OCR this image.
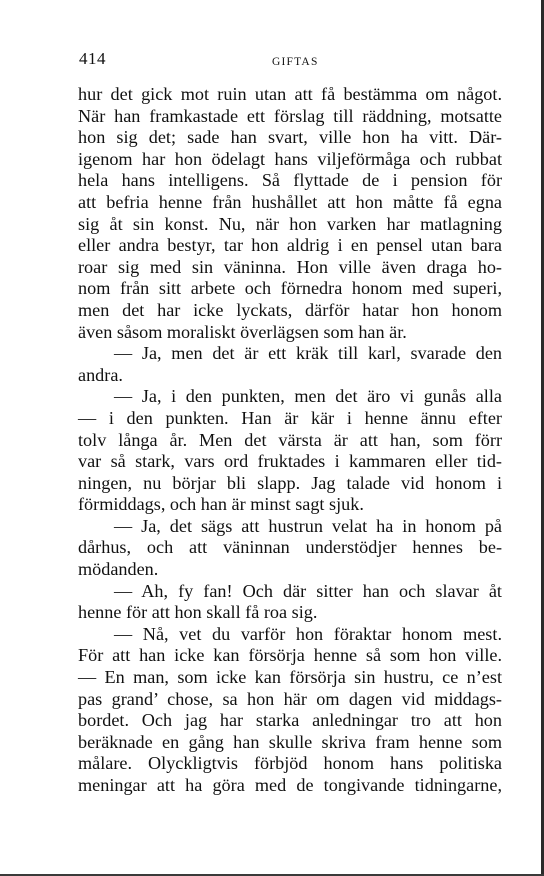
414	GIFTAS
hur det gick mot ruin utan att få bestämma om något.
När han framkastade ett förslag till räddning, motsatte
hon sig det; sade han svart, ville hon ha vitt. Där-
igenom har hon ödelagt hans viljeförmåga och rubbat
hela hans intelligens. Så flyttade de i pension för
att befria henne från hushållet att hon måtte få egna
sig åt sin konst. Nu, när hon varken har matlagning
eller andra bestyr, tar hon aldrig i en pensel utan bara
roar sig med sin väninna. Hon ville även draga ho-
nom från sitt arbete och förnedra honom med superi,
men det har icke lyckats, därför hatar hon honom
även såsom moraliskt överlägsen som han är.
— Ja, men det är ett kräk till karl, svarade den
andra.
— Ja, i den punkten, men det äro vi gunås alla
— i den punkten. Han är kär i henne ännu efter
tolv långa år. Men det värsta är att han, som förr
var så stark, vars ord fruktades i kammaren eller tid-
ningen, nu börjar bli slapp. Jag talade vid honom i
förmiddags, och han är minst sagt sjuk.
— Ja, det sägs att hustrun velat ha in honom på
dårhus, och att väninnan understödjer hennes be-
mödanden.
— Ah, fy fan! Och där sitter han och slavar åt
henne för att hon skall få roa sig.
— Nå, vet du varför hon föraktar honom mest.
För att han icke kan försörja henne så som hon ville.
— En man, som icke kan försörja sin hustru, ce n’est
pas grand’ chose, sa hon här om dagen vid middags-
bordet. Och jag har starka anledningar tro att hon
beräknade en gång han skulle skriva fram henne som
målare. Olyckligtvis förbjöd honom hans politiska
meningar att ha göra med de tongivande tidningarne,
